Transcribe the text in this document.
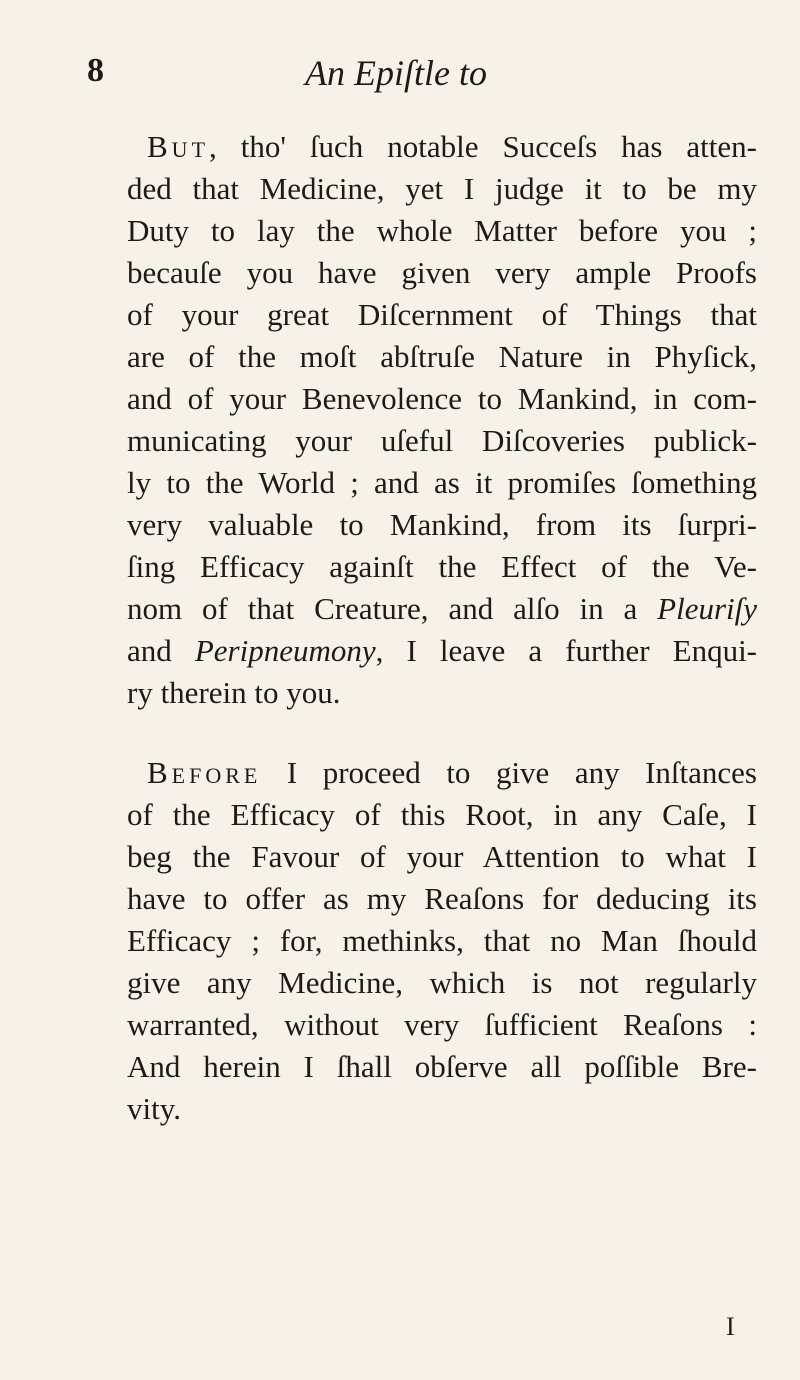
8	An Epiſtle to
But, tho' ſuch notable Succeſs has atten-
ded that Medicine, yet I judge it to be my
Duty to lay the whole Matter before you ;
becauſe you have given very ample Proofs
of your great Diſcernment of Things that
are of the moſt abſtruſe Nature in Phyſick,
and of your Benevolence to Mankind, in com-
municating your uſeful Diſcoveries publick-
ly to the World ; and as it promiſes ſomething
very valuable to Mankind, from its ſurpri-
ſing Efficacy againſt the Effect of the Ve-
nom of that Creature, and alſo in a Pleuriſy
and Peripneumony, I leave a further Enqui-
ry therein to you.
Before I proceed to give any Inſtances
of the Efficacy of this Root, in any Caſe, I
beg the Favour of your Attention to what I
have to offer as my Reaſons for deducing its
Efficacy ; for, methinks, that no Man ſhould
give any Medicine, which is not regularly
warranted, without very ſufficient Reaſons :
And herein I ſhall obſerve all poſſible Bre-
vity.
I
